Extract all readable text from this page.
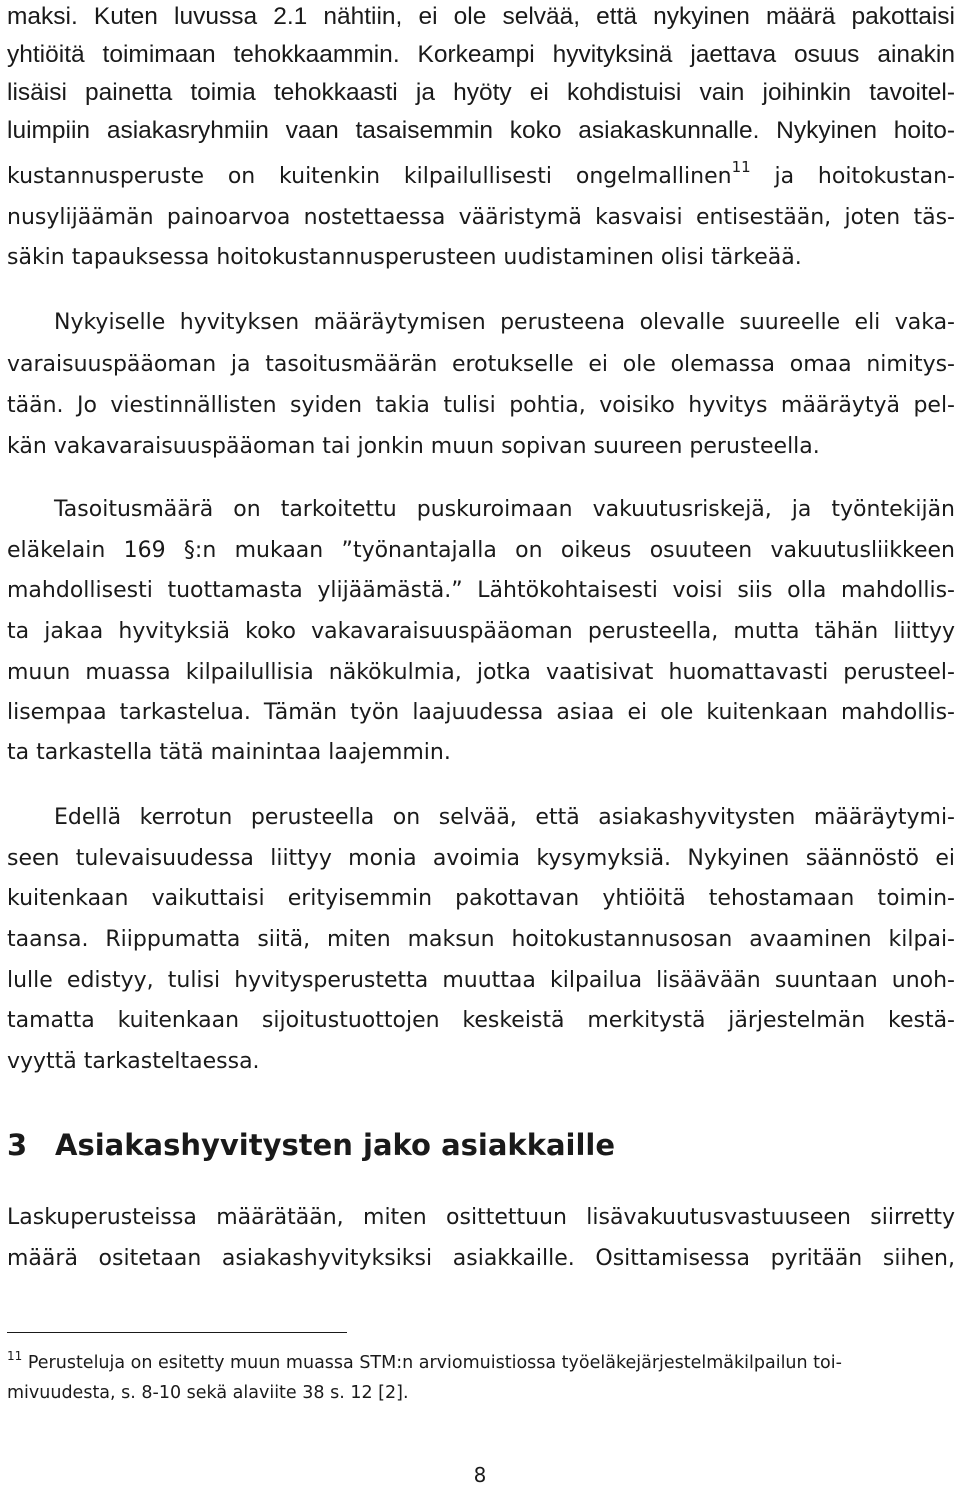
maksi. Kuten luvussa 2.1 nähtiin, ei ole selvää, että nykyinen määrä pakottaisi
yhtiöitä toimimaan tehokkaammin. Korkeampi hyvityksinä jaettava osuus ainakin
lisäisi painetta toimia tehokkaasti ja hyöty ei kohdistuisi vain joihinkin tavoitel-
luimpiin asiakasryhmiin vaan tasaisemmin koko asiakaskunnalle. Nykyinen hoito-
kustannusperuste on kuitenkin kilpailullisesti ongelmallinen$^{11}$ ja hoitokustan-
nusylijäämän painoarvoa nostettaessa vääristymä kasvaisi entisestään, joten täs-
säkin tapauksessa hoitokustannusperusteen uudistaminen olisi tärkeää.
Nykyiselle hyvityksen määräytymisen perusteena olevalle suureelle eli vaka-
varaisuuspääoman ja tasoitusmäärän erotukselle ei ole olemassa omaa nimitys-
tään. Jo viestinnällisten syiden takia tulisi pohtia, voisiko hyvitys määräytyä pel-
kän vakavaraisuuspääoman tai jonkin muun sopivan suureen perusteella.
Tasoitusmäärä on tarkoitettu puskuroimaan vakuutusriskejä, ja työntekijän
eläkelain 169 §:n mukaan ”työnantajalla on oikeus osuuteen vakuutusliikkeen
mahdollisesti tuottamasta ylijäämästä.” Lähtökohtaisesti voisi siis olla mahdollis-
ta jakaa hyvityksiä koko vakavaraisuuspääoman perusteella, mutta tähän liittyy
muun muassa kilpailullisia näkökulmia, jotka vaatisivat huomattavasti perusteel-
lisempaa tarkastelua. Tämän työn laajuudessa asiaa ei ole kuitenkaan mahdollis-
ta tarkastella tätä mainintaa laajemmin.
Edellä kerrotun perusteella on selvää, että asiakashyvitysten määräytymi-
seen tulevaisuudessa liittyy monia avoimia kysymyksiä. Nykyinen säännöstö ei
kuitenkaan vaikuttaisi erityisemmin pakottavan yhtiöitä tehostamaan toimin-
taansa. Riippumatta siitä, miten maksun hoitokustannusosan avaaminen kilpai-
lulle edistyy, tulisi hyvitysperustetta muuttaa kilpailua lisäävään suuntaan unoh-
tamatta kuitenkaan sijoitustuottojen keskeistä merkitystä järjestelmän kestä-
vyyttä tarkasteltaessa.
3 Asiakashyvitysten jako asiakkaille
Laskuperusteissa määrätään, miten osittettuun lisävakuutusvastuuseen siirretty
määrä ositetaan asiakashyvityksiksi asiakkaille. Osittamisessa pyritään siihen,
$^{11}$ Perusteluja on esitetty muun muassa STM:n arviomuistiossa työeläkejärjestelmäkilpailun toi-
mivuudesta, s. 8-10 sekä alaviite 38 s. 12 [2].
8
